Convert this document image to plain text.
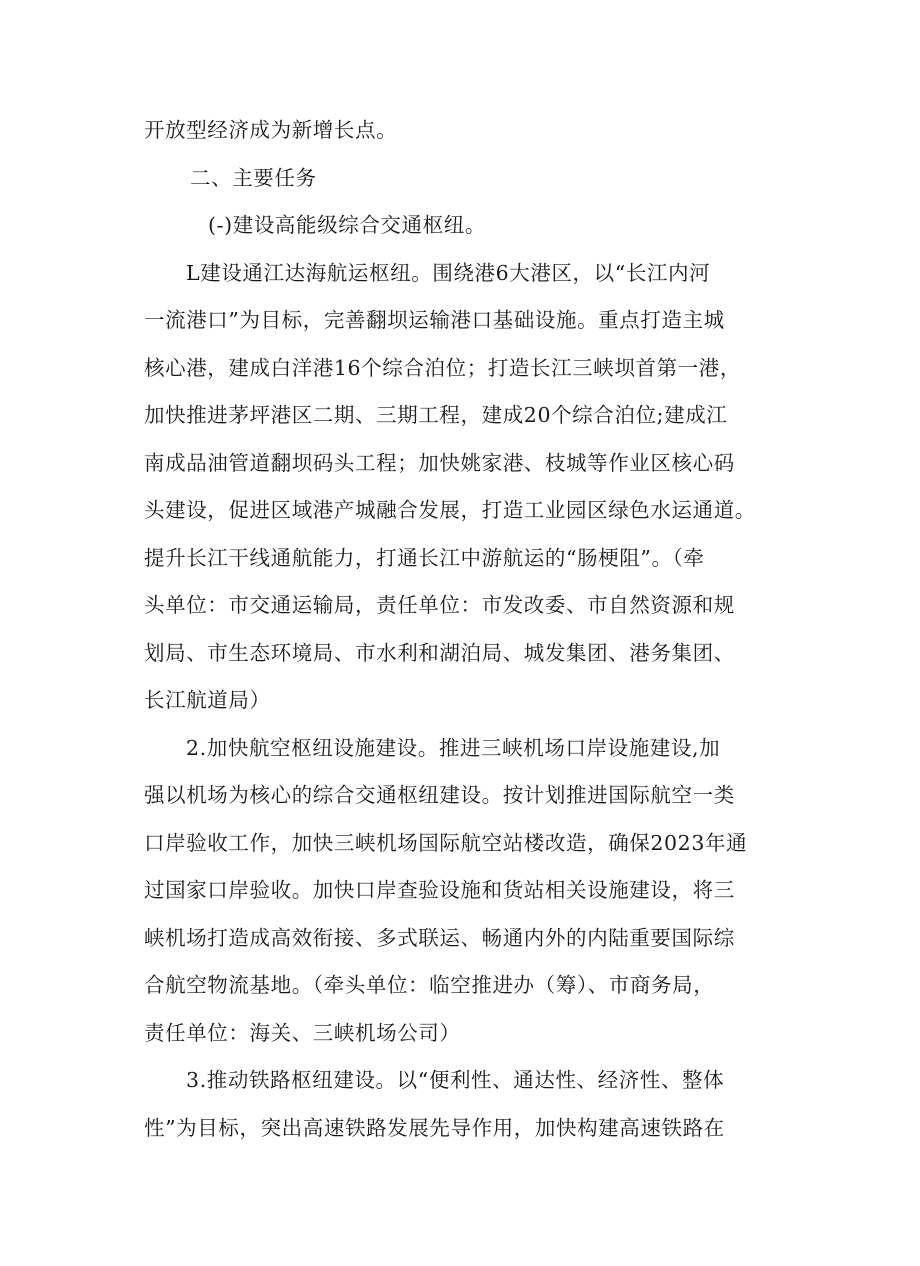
开放型经济成为新增长点。
二、主要任务
(-)建设高能级综合交通枢纽。
L建设通江达海航运枢纽。围绕港6大港区，以“长江内河
一流港口”为目标，完善翻坝运输港口基础设施。重点打造主城
核心港，建成白洋港16个综合泊位；打造长江三峡坝首第一港，
加快推进茅坪港区二期、三期工程，建成20个综合泊位;建成江
南成品油管道翻坝码头工程；加快姚家港、枝城等作业区核心码
头建设，促进区域港产城融合发展，打造工业园区绿色水运通道。
提升长江干线通航能力，打通长江中游航运的“肠梗阻”。（牵
头单位：市交通运输局，责任单位：市发改委、市自然资源和规
划局、市生态环境局、市水利和湖泊局、城发集团、港务集团、
长江航道局）
2.加快航空枢纽设施建设。推进三峡机场口岸设施建设,加
强以机场为核心的综合交通枢纽建设。按计划推进国际航空一类
口岸验收工作，加快三峡机场国际航空站楼改造，确保2023年通
过国家口岸验收。加快口岸查验设施和货站相关设施建设，将三
峡机场打造成高效衔接、多式联运、畅通内外的内陆重要国际综
合航空物流基地。（牵头单位：临空推进办（筹）、市商务局，
责任单位：海关、三峡机场公司）
3.推动铁路枢纽建设。以“便利性、通达性、经济性、整体
性”为目标，突出高速铁路发展先导作用，加快构建高速铁路在
